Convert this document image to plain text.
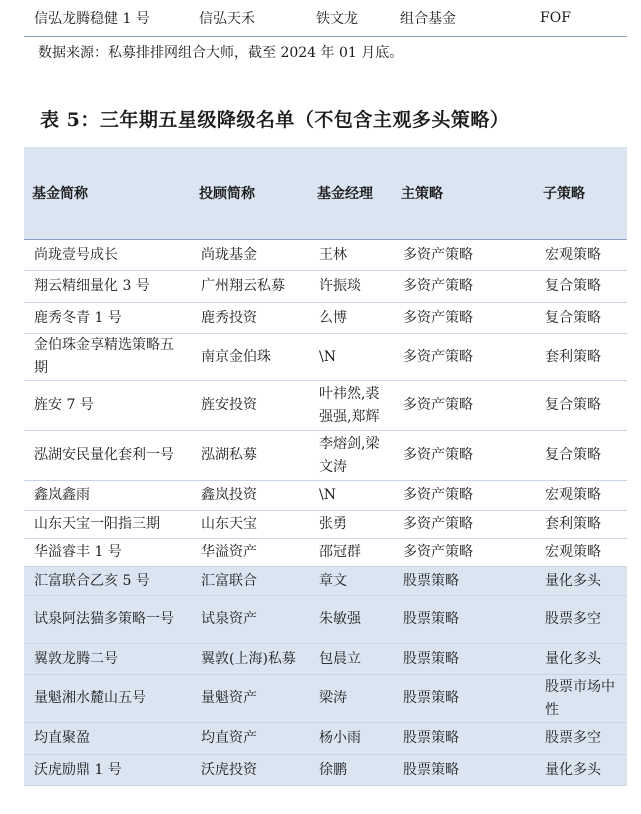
信弘龙腾稳健 1 号	信弘天禾	铁文龙	组合基金	FOF
数据来源：私募排排网组合大师，截至 2024 年 01 月底。
表 5：三年期五星级降级名单（不包含主观多头策略）
基金简称	投顾简称	基金经理	主策略	子策略
尚珑壹号成长	尚珑基金	王林	多资产策略	宏观策略
翔云精细量化 3 号	广州翔云私募	许振琰	多资产策略	复合策略
鹿秀冬青 1 号	鹿秀投资	么博	多资产策略	复合策略
金伯珠金享精选策略五期	南京金伯珠	\N	多资产策略	套利策略
旌安 7 号	旌安投资	叶祎然,裘强强,郑辉	多资产策略	复合策略
泓湖安民量化套利一号	泓湖私募	李熔剑,梁文涛	多资产策略	复合策略
鑫岚鑫雨	鑫岚投资	\N	多资产策略	宏观策略
山东天宝一阳指三期	山东天宝	张勇	多资产策略	套利策略
华溢睿丰 1 号	华溢资产	邵冠群	多资产策略	宏观策略
汇富联合乙亥 5 号	汇富联合	章文	股票策略	量化多头
试泉阿法猫多策略一号	试泉资产	朱敏强	股票策略	股票多空
翼敦龙腾二号	翼敦(上海)私募	包晨立	股票策略	量化多头
量魁湘水麓山五号	量魁资产	梁涛	股票策略	股票市场中性
均直聚盈	均直资产	杨小雨	股票策略	股票多空
沃虎励鼎 1 号	沃虎投资	徐鹏	股票策略	量化多头
